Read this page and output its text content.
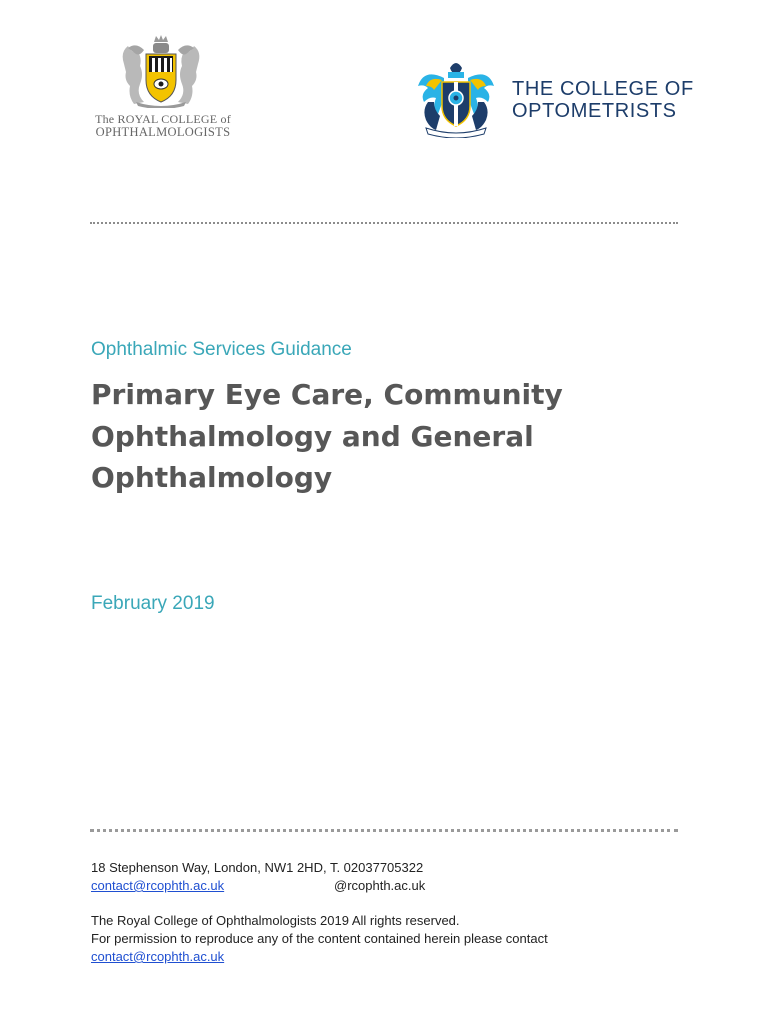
The ROYAL COLLEGE of
OPHTHALMOLOGISTS
THE COLLEGE OF
OPTOMETRISTS
Ophthalmic Services Guidance
Primary Eye Care, Community Ophthalmology and General Ophthalmology
February 2019
18 Stephenson Way, London, NW1 2HD, T. 02037705322
contact@rcophth.ac.uk	@rcophth.ac.uk
The Royal College of Ophthalmologists 2019 All rights reserved.
For permission to reproduce any of the content contained herein please contact
contact@rcophth.ac.uk
